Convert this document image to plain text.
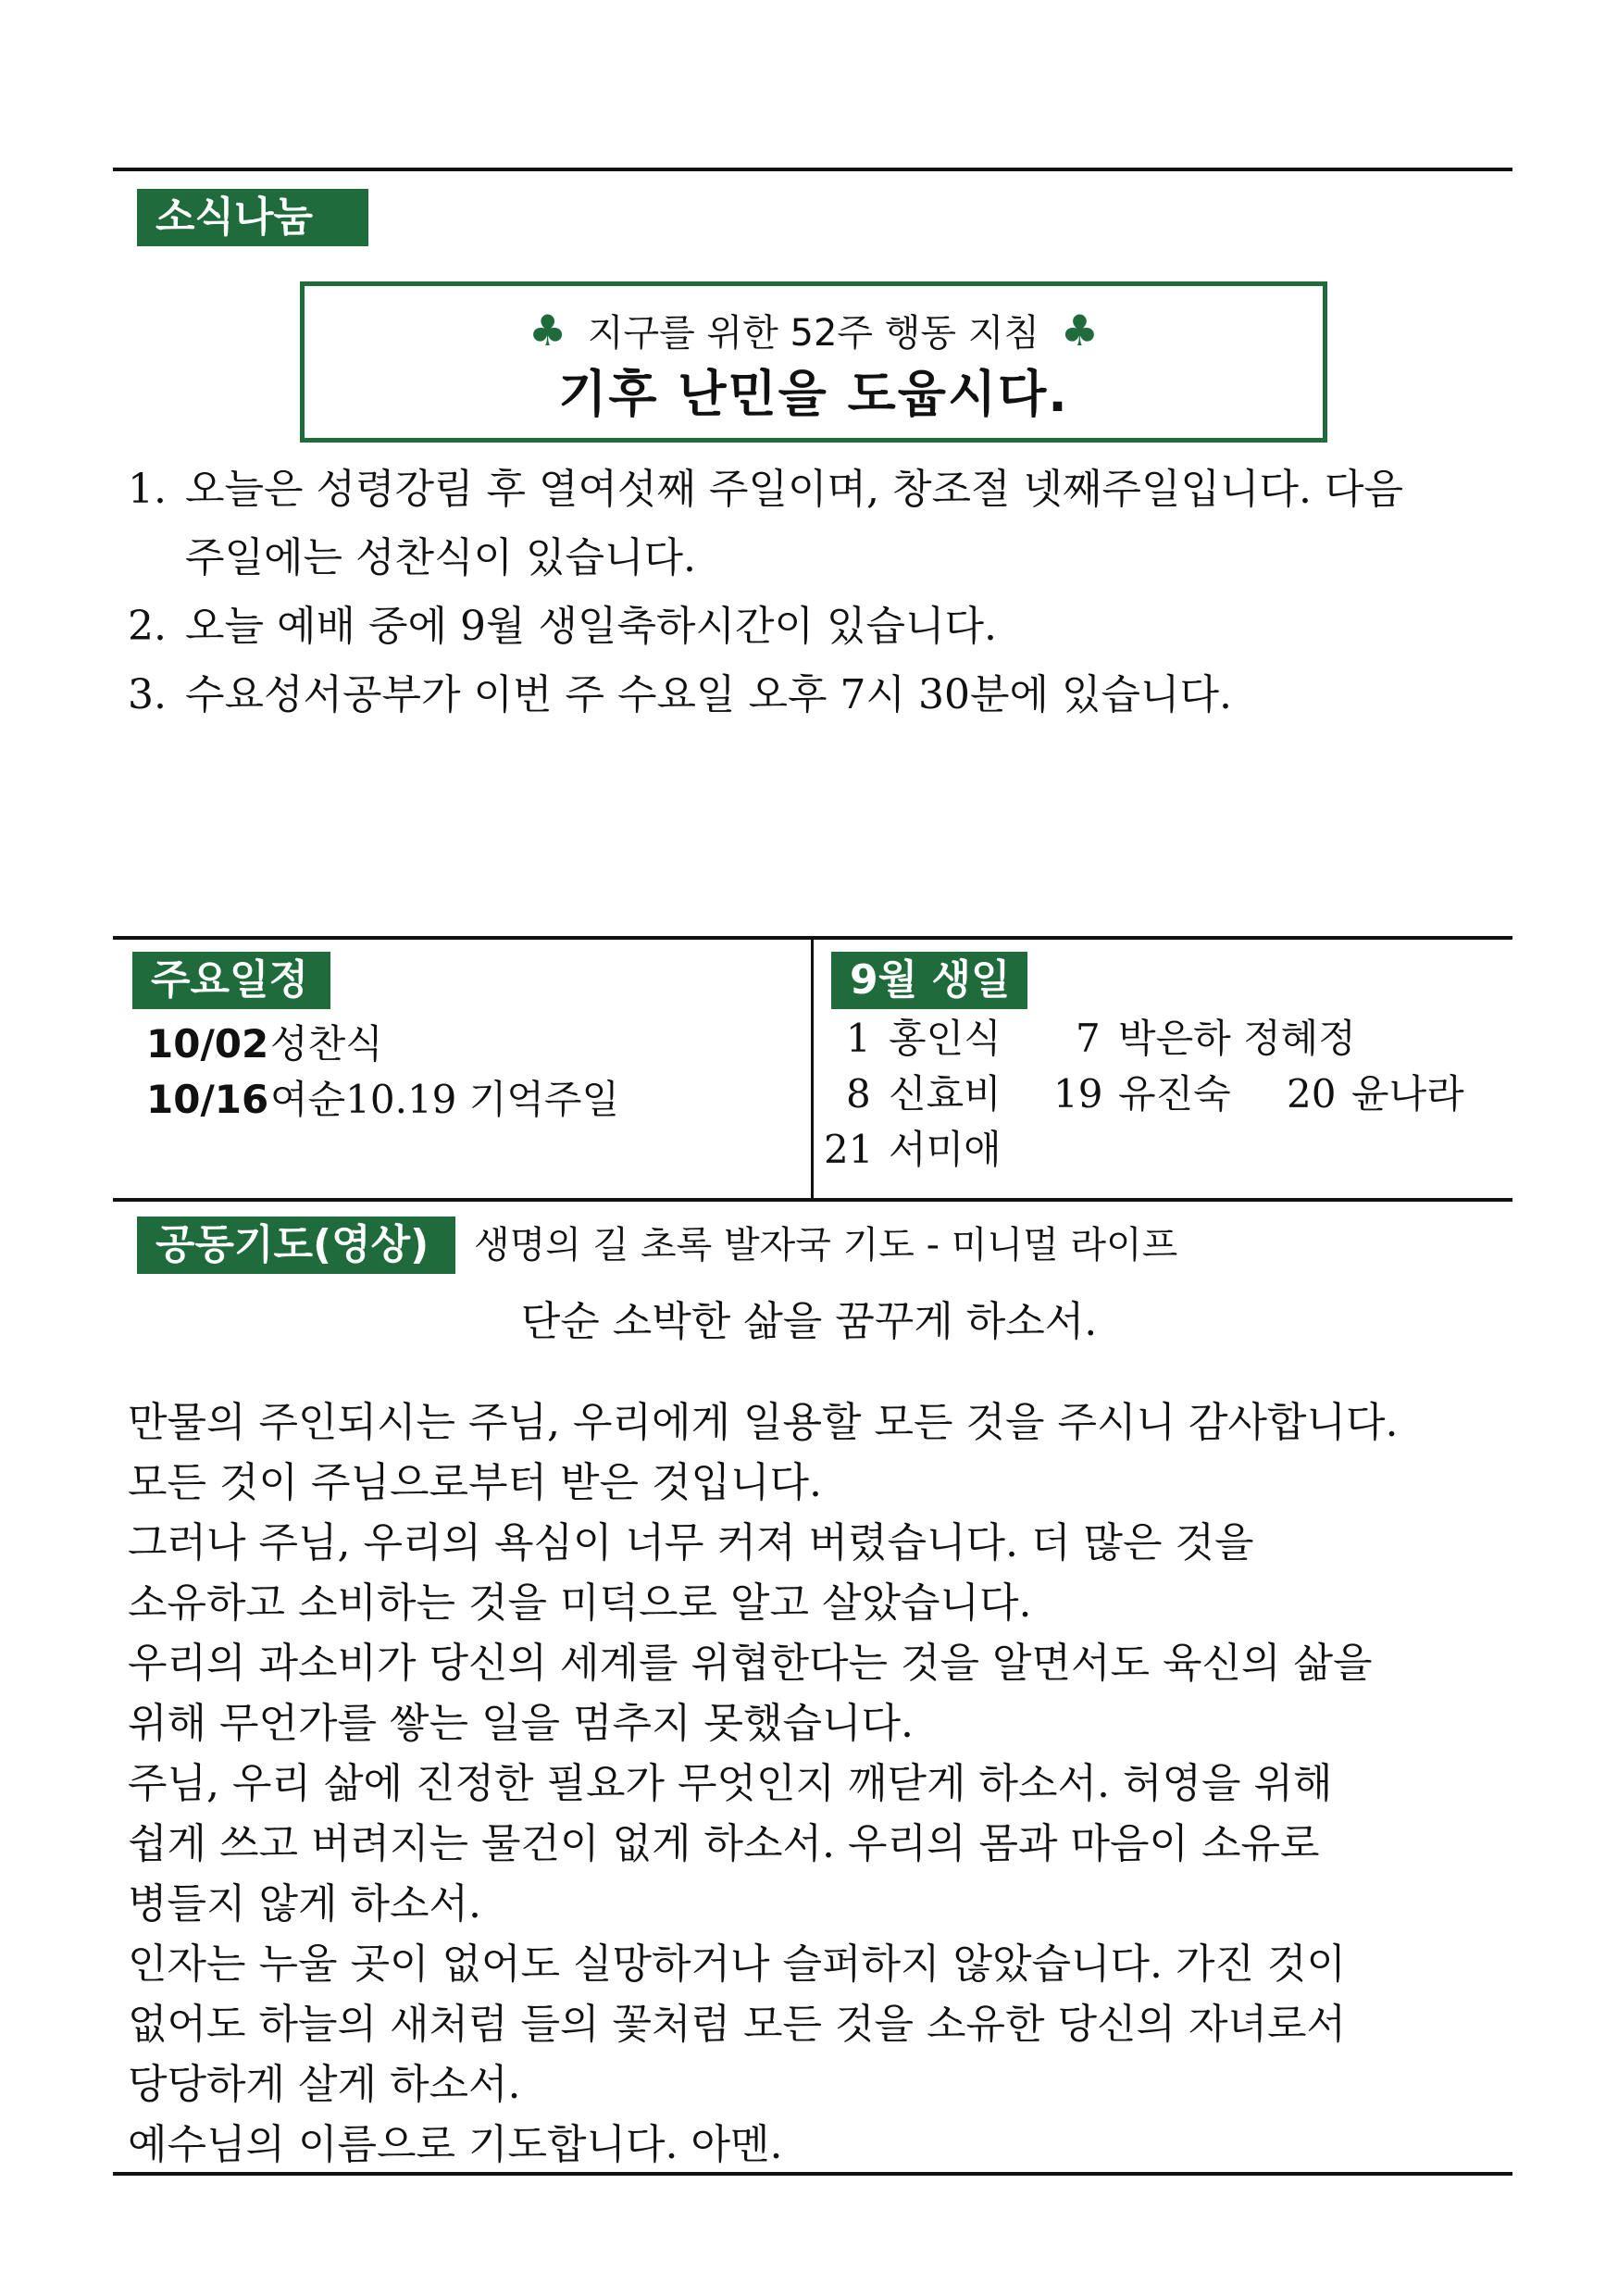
소식나눔
♣ 지구를 위한 52주 행동 지침 ♣
기후 난민을 도웁시다.
1. 오늘은 성령강림 후 열여섯째 주일이며, 창조절 넷째주일입니다. 다음
주일에는 성찬식이 있습니다.
2. 오늘 예배 중에 9월 생일축하시간이 있습니다.
3. 수요성서공부가 이번 주 수요일 오후 7시 30분에 있습니다.
주요일정
10/02성찬식
10/16여순10.19 기억주일
9월 생일
1 홍인식 7 박은하 정혜정
8 신효비 19 유진숙 20 윤나라
21 서미애
공동기도(영상)	생명의 길 초록 발자국 기도 - 미니멀 라이프
단순 소박한 삶을 꿈꾸게 하소서.

만물의 주인되시는 주님, 우리에게 일용할 모든 것을 주시니 감사합니다.

모든 것이 주님으로부터 받은 것입니다.

그러나 주님, 우리의 욕심이 너무 커져 버렸습니다. 더 많은 것을

소유하고 소비하는 것을 미덕으로 알고 살았습니다.

우리의 과소비가 당신의 세계를 위협한다는 것을 알면서도 육신의 삶을

위해 무언가를 쌓는 일을 멈추지 못했습니다.

주님, 우리 삶에 진정한 필요가 무엇인지 깨닫게 하소서. 허영을 위해

쉽게 쓰고 버려지는 물건이 없게 하소서. 우리의 몸과 마음이 소유로

병들지 않게 하소서.

인자는 누울 곳이 없어도 실망하거나 슬퍼하지 않았습니다. 가진 것이

없어도 하늘의 새처럼 들의 꽃처럼 모든 것을 소유한 당신의 자녀로서

당당하게 살게 하소서.

예수님의 이름으로 기도합니다. 아멘.
